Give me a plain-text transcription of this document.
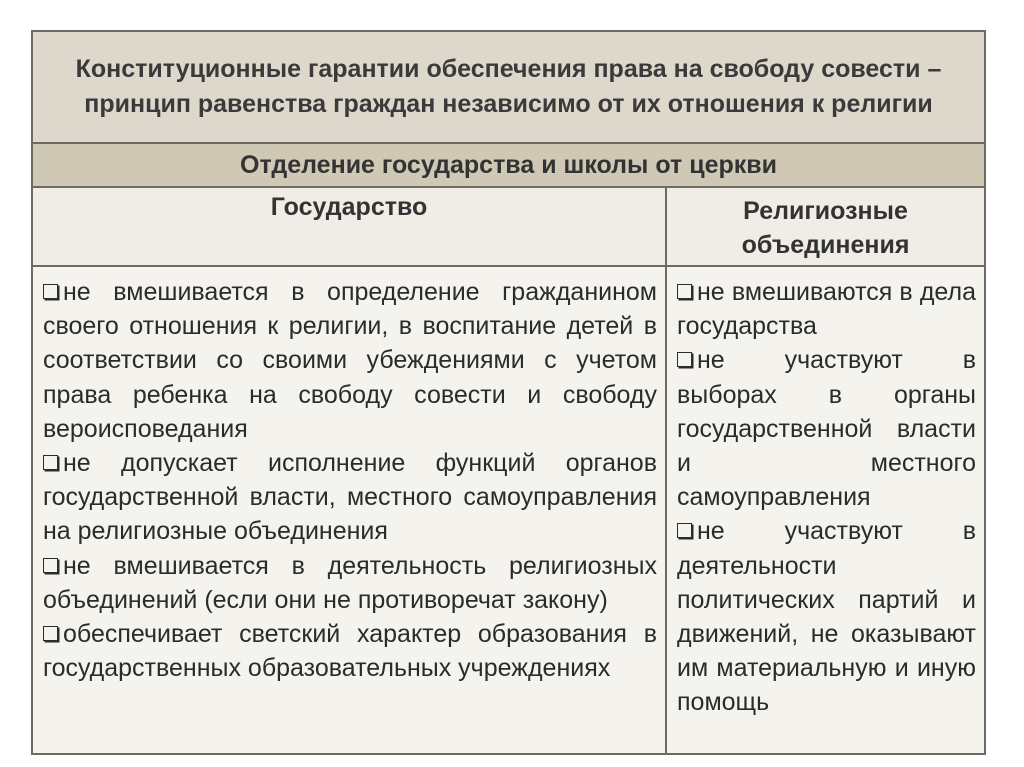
Конституционные гарантии обеспечения права на свободу совести – принцип равенства граждан независимо от их отношения к религии
Отделение государства и школы от церкви
Государство	Религиозные объединения

не вмешивается в определение гражданином своего отношения к религии, в воспитание детей в соответствии со своими убеждениями с учетом права ребенка на свободу совести и свободу вероисповедания

не допускает исполнение функций органов государственной власти, местного самоуправления на религиозные объединения

не вмешивается в деятельность религиозных объединений (если они не противоречат закону)

обеспечивает светский характер образования в государственных образовательных учреждениях

не вмешиваются в дела государства

не участвуют в выборах в органы государственной власти и местного самоуправления

не участвуют в деятельности политических партий и движений, не оказывают им материальную и иную помощь
